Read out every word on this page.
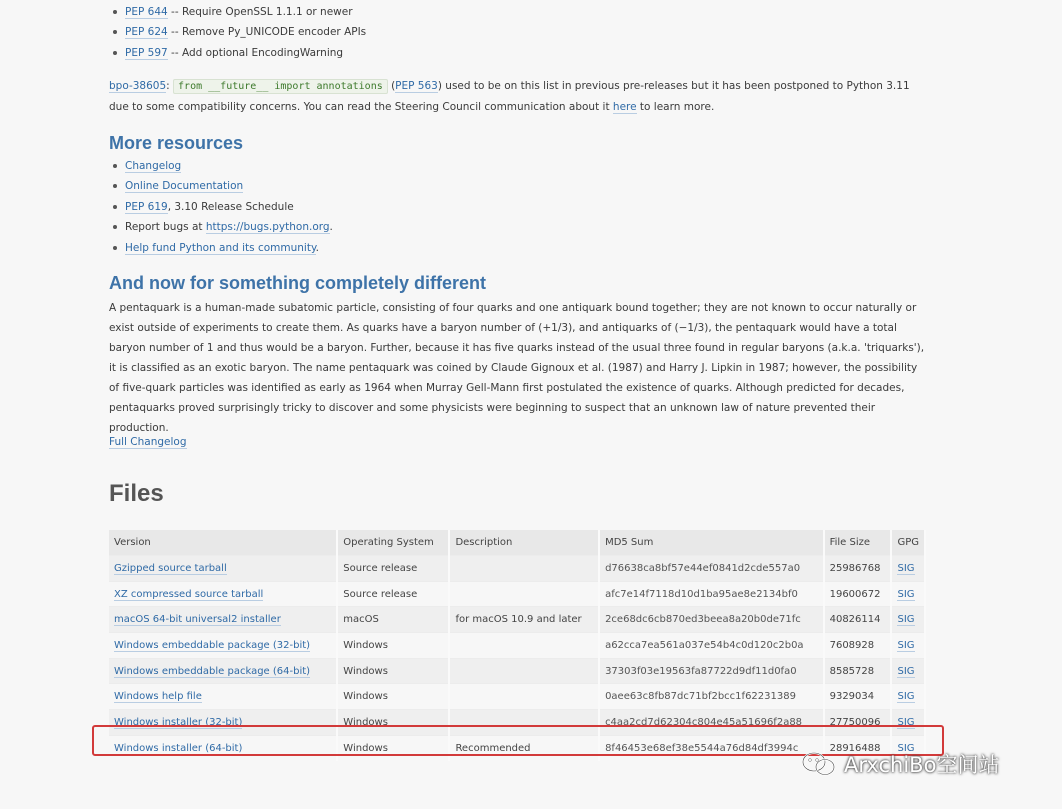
PEP 644 -- Require OpenSSL 1.1.1 or newer
PEP 624 -- Remove Py_UNICODE encoder APIs
PEP 597 -- Add optional EncodingWarning

bpo-38605: from __future__ import annotations (PEP 563) used to be on this list in previous pre-releases but it has been postponed to Python 3.11 due to some compatibility concerns. You can read the Steering Council communication about it here to learn more.

More resources
Changelog
Online Documentation
PEP 619, 3.10 Release Schedule
Report bugs at https://bugs.python.org.
Help fund Python and its community.
And now for something completely different

A pentaquark is a human-made subatomic particle, consisting of four quarks and one antiquark bound together; they are not known to occur naturally or exist outside of experiments to create them. As quarks have a baryon number of (+1/3), and antiquarks of (−1/3), the pentaquark would have a total baryon number of 1 and thus would be a baryon. Further, because it has five quarks instead of the usual three found in regular baryons (a.k.a. 'triquarks'), it is classified as an exotic baryon. The name pentaquark was coined by Claude Gignoux et al. (1987) and Harry J. Lipkin in 1987; however, the possibility of five-quark particles was identified as early as 1964 when Murray Gell-Mann first postulated the existence of quarks. Although predicted for decades, pentaquarks proved surprisingly tricky to discover and some physicists were beginning to suspect that an unknown law of nature prevented their production.

Full Changelog

Files
Version	Operating System	Description	MD5 Sum	File Size	GPG
Gzipped source tarball	Source release		d76638ca8bf57e44ef0841d2cde557a0	25986768	SIG
XZ compressed source tarball	Source release		afc7e14f7118d10d1ba95ae8e2134bf0	19600672	SIG
macOS 64-bit universal2 installer	macOS	for macOS 10.9 and later	2ce68dc6cb870ed3beea8a20b0de71fc	40826114	SIG
Windows embeddable package (32-bit)	Windows		a62cca7ea561a037e54b4c0d120c2b0a	7608928	SIG
Windows embeddable package (64-bit)	Windows		37303f03e19563fa87722d9df11d0fa0	8585728	SIG
Windows help file	Windows		0aee63c8fb87dc71bf2bcc1f62231389	9329034	SIG
Windows installer (32-bit)	Windows		c4aa2cd7d62304c804e45a51696f2a88	27750096	SIG
Windows installer (64-bit)	Windows	Recommended	8f46453e68ef38e5544a76d84df3994c	28916488	SIG
ArxchiBo空间站
